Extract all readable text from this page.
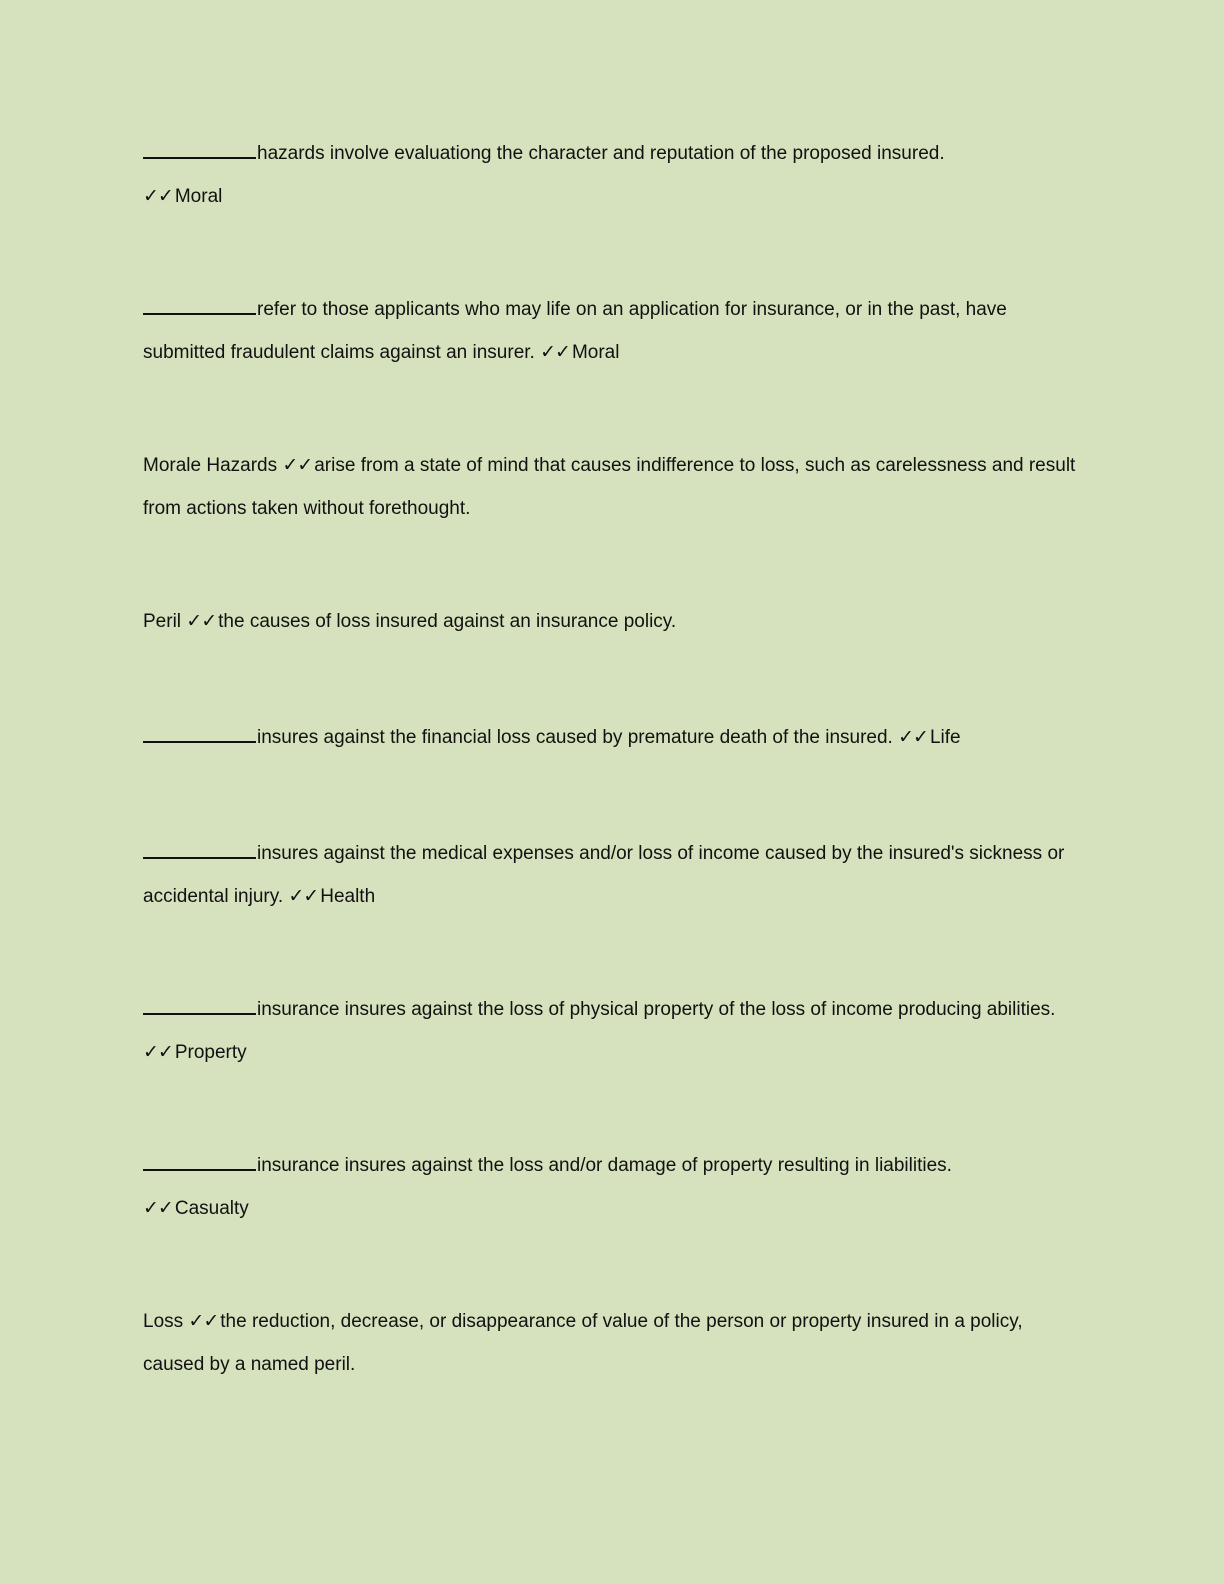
hazards involve evaluationg the character and reputation of the proposed insured.
✓✓ Moral

refer to those applicants who may life on an application for insurance, or in the past, have submitted fraudulent claims against an insurer. ✓✓ Moral

Morale Hazards ✓✓ arise from a state of mind that causes indifference to loss, such as carelessness and result from actions taken without forethought.

Peril ✓✓ the causes of loss insured against an insurance policy.

insures against the financial loss caused by premature death of the insured. ✓✓ Life

insures against the medical expenses and/or loss of income caused by the insured's sickness or accidental injury. ✓✓ Health

insurance insures against the loss of physical property of the loss of income producing abilities. ✓✓ Property

insurance insures against the loss and/or damage of property resulting in liabilities.
✓✓ Casualty

Loss ✓✓ the reduction, decrease, or disappearance of value of the person or property insured in a policy, caused by a named peril.
